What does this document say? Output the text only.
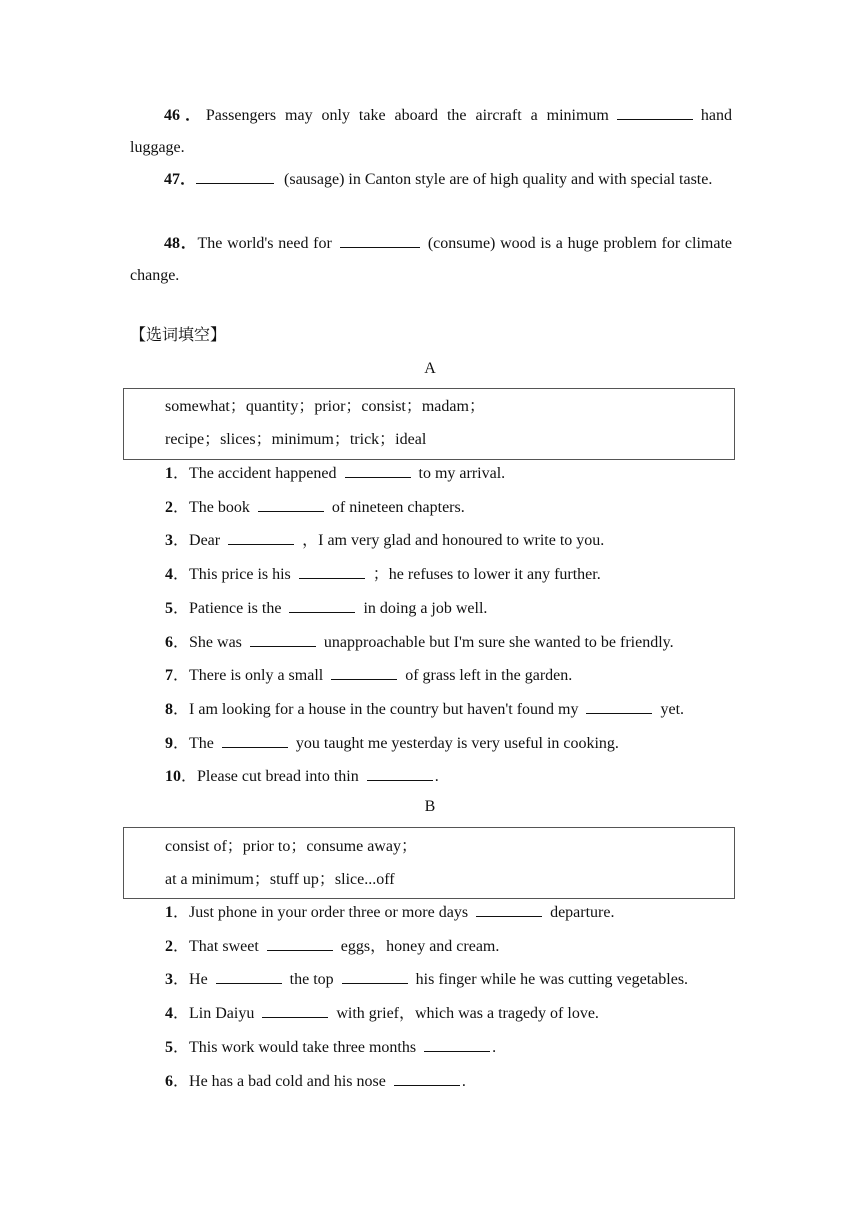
46．Passengers may only take aboard the aircraft a minimum	hand luggage.
47．	(sausage) in Canton style are of high quality and with special taste.
48．The world's need for	(consume) wood is a huge problem for climate change.
【选词填空】
A
somewhat；quantity；prior；consist；madam；
recipe；slices；minimum；trick；ideal
1．The accident happened	to my arrival.
2．The book	of nineteen chapters.
3．Dear	，I am very glad and honoured to write to you.
4．This price is his	；he refuses to lower it any further.
5．Patience is the	in doing a job well.
6．She was	unapproachable but I'm sure she wanted to be friendly.
7．There is only a small	of grass left in the garden.
8．I am looking for a house in the country but haven't found my	yet.
9．The	you taught me yesterday is very useful in cooking.
10．Please cut bread into thin	.
B
consist of；prior to；consume away；
at a minimum；stuff up；slice...off
1．Just phone in your order three or more days	departure.
2．That sweet	eggs，honey and cream.
3．He	the top	his finger while he was cutting vegetables.
4．Lin Daiyu	with grief，which was a tragedy of love.
5．This work would take three months	.
6．He has a bad cold and his nose	.
